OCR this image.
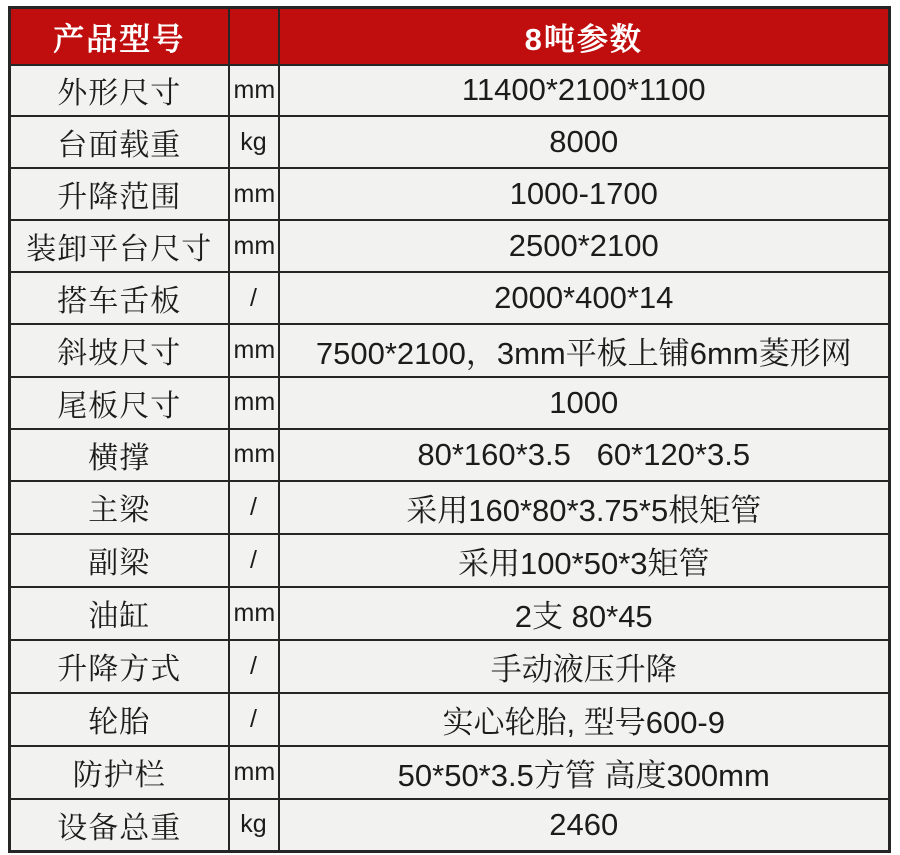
产品型号		8吨参数
外形尺寸	mm	11400*2100*1100
台面载重	kg	8000
升降范围	mm	1000-1700
装卸平台尺寸	mm	2500*2100
搭车舌板	/	2000*400*14
斜坡尺寸	mm	7500*2100，3mm平板上铺6mm菱形网
尾板尺寸	mm	1000
横撑	mm	80*160*3.5   60*120*3.5
主梁	/	采用160*80*3.75*5根矩管
副梁	/	采用100*50*3矩管
油缸	mm	2支 80*45
升降方式	/	手动液压升降
轮胎	/	实心轮胎, 型号600-9
防护栏	mm	50*50*3.5方管 高度300mm
设备总重	kg	2460
